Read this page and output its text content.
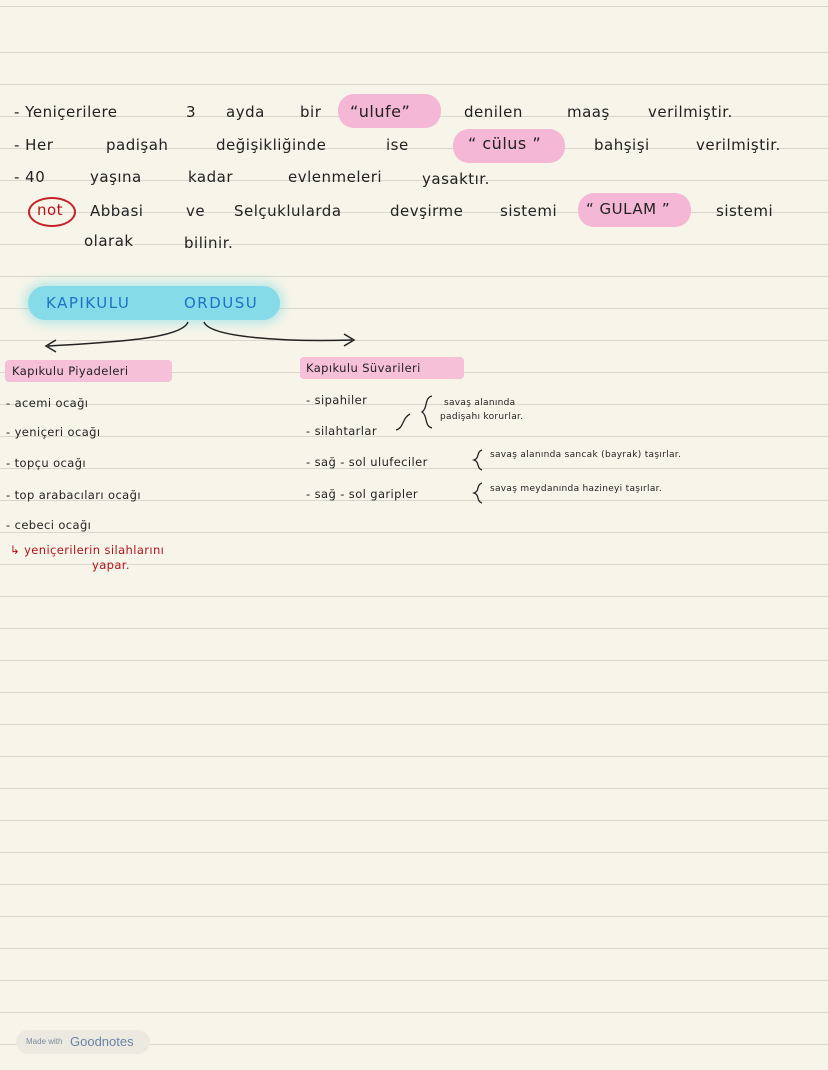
- Yeniçerilere	3 ayda bir “ulufe”	denilen	maaş	verilmiştir.
- Her	padişah	değişikliğinde	ise	“ cülus ”	bahşişi	verilmiştir.
- 40	yaşına	kadar	evlenmeleri	yasaktır.
not Abbasi	ve Selçuklularda	devşirme sistemi “ GULAM ”	sistemi
olarak	bilinir.
KAPIKULU	ORDUSU
Kapıkulu Piyadeleri
- acemi ocağı
- yeniçeri ocağı
- topçu ocağı
- top arabacıları ocağı
- cebeci ocağı
↳ yeniçerilerin silahlarını
yapar.
Kapıkulu Süvarileri
- sipahiler
- silahtarlar
- sağ - sol ulufeciler
- sağ - sol garipler
savaş alanında
padişahı korurlar.
savaş alanında sancak (bayrak) taşırlar.
savaş meydanında hazineyi taşırlar.
Made with Goodnotes
